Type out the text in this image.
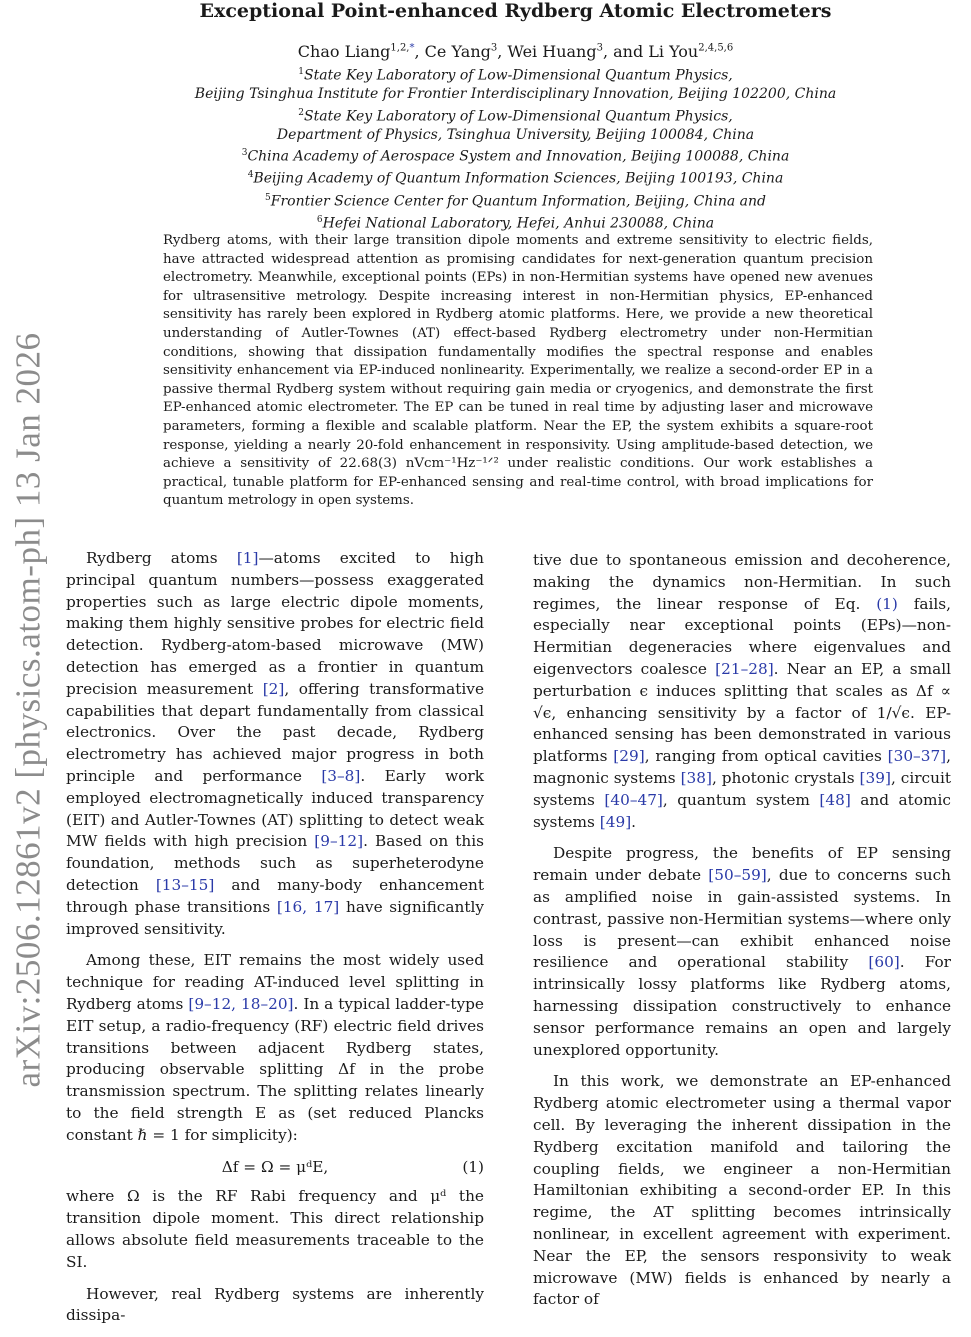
arXiv:2506.12861v2 [physics.atom-ph] 13 Jan 2026
Exceptional Point-enhanced Rydberg Atomic Electrometers
Chao Liang$^{1,2,*}$, Ce Yang$^3$, Wei Huang$^3$, and Li You$^{2,4,5,6}$
$^1$State Key Laboratory of Low-Dimensional Quantum Physics,
Beijing Tsinghua Institute for Frontier Interdisciplinary Innovation, Beijing 102200, China
$^2$State Key Laboratory of Low-Dimensional Quantum Physics,
Department of Physics, Tsinghua University, Beijing 100084, China
$^3$China Academy of Aerospace System and Innovation, Beijing 100088, China
$^4$Beijing Academy of Quantum Information Sciences, Beijing 100193, China
$^5$Frontier Science Center for Quantum Information, Beijing, China and
$^6$Hefei National Laboratory, Hefei, Anhui 230088, China

Rydberg atoms, with their large transition dipole moments and extreme sensitivity to electric fields, have attracted widespread attention as promising candidates for next-generation quantum precision electrometry. Meanwhile, exceptional points (EPs) in non-Hermitian systems have opened new avenues for ultrasensitive metrology. Despite increasing interest in non-Hermitian physics, EP-enhanced sensitivity has rarely been explored in Rydberg atomic platforms. Here, we provide a new theoretical understanding of Autler-Townes (AT) effect-based Rydberg electrometry under non-Hermitian conditions, showing that dissipation fundamentally modifies the spectral response and enables sensitivity enhancement via EP-induced nonlinearity. Experimentally, we realize a second-order EP in a passive thermal Rydberg system without requiring gain media or cryogenics, and demonstrate the first EP-enhanced atomic electrometer. The EP can be tuned in real time by adjusting laser and microwave parameters, forming a flexible and scalable platform. Near the EP, the system exhibits a square-root response, yielding a nearly 20-fold enhancement in responsivity. Using amplitude-based detection, we achieve a sensitivity of 22.68(3) nVcm⁻¹Hz⁻¹ᐟ² under realistic conditions. Our work establishes a practical, tunable platform for EP-enhanced sensing and real-time control, with broad implications for quantum metrology in open systems.

Rydberg atoms [1]—atoms excited to high principal quantum numbers—possess exaggerated properties such as large electric dipole moments, making them highly sensitive probes for electric field detection. Rydberg-atom-based microwave (MW) detection has emerged as a frontier in quantum precision measurement [2], offering transformative capabilities that depart fundamentally from classical electronics. Over the past decade, Rydberg electrometry has achieved major progress in both principle and performance [3–8]. Early work employed electromagnetically induced transparency (EIT) and Autler-Townes (AT) splitting to detect weak MW fields with high precision [9–12]. Based on this foundation, methods such as superheterodyne detection [13–15] and many-body enhancement through phase transitions [16, 17] have significantly improved sensitivity.

Among these, EIT remains the most widely used technique for reading AT-induced level splitting in Rydberg atoms [9–12, 18–20]. In a typical ladder-type EIT setup, a radio-frequency (RF) electric field drives transitions between adjacent Rydberg states, producing observable splitting Δf in the probe transmission spectrum. The splitting relates linearly to the field strength E as (set reduced Plancks constant ℏ = 1 for simplicity):

Δf = Ω = μᵈE,	(1)

where Ω is the RF Rabi frequency and μᵈ the transition dipole moment. This direct relationship allows absolute field measurements traceable to the SI.

However, real Rydberg systems are inherently dissipa-

tive due to spontaneous emission and decoherence, making the dynamics non-Hermitian. In such regimes, the linear response of Eq. (1) fails, especially near exceptional points (EPs)—non-Hermitian degeneracies where eigenvalues and eigenvectors coalesce [21–28]. Near an EP, a small perturbation ϵ induces splitting that scales as Δf ∝ √ϵ, enhancing sensitivity by a factor of 1/√ϵ. EP-enhanced sensing has been demonstrated in various platforms [29], ranging from optical cavities [30–37], magnonic systems [38], photonic crystals [39], circuit systems [40–47], quantum system [48] and atomic systems [49].

Despite progress, the benefits of EP sensing remain under debate [50–59], due to concerns such as amplified noise in gain-assisted systems. In contrast, passive non-Hermitian systems—where only loss is present—can exhibit enhanced noise resilience and operational stability [60]. For intrinsically lossy platforms like Rydberg atoms, harnessing dissipation constructively to enhance sensor performance remains an open and largely unexplored opportunity.

In this work, we demonstrate an EP-enhanced Rydberg atomic electrometer using a thermal vapor cell. By leveraging the inherent dissipation in the Rydberg excitation manifold and tailoring the coupling fields, we engineer a non-Hermitian Hamiltonian exhibiting a second-order EP. In this regime, the AT splitting becomes intrinsically nonlinear, in excellent agreement with experiment. Near the EP, the sensors responsivity to weak microwave (MW) fields is enhanced by nearly a factor of
